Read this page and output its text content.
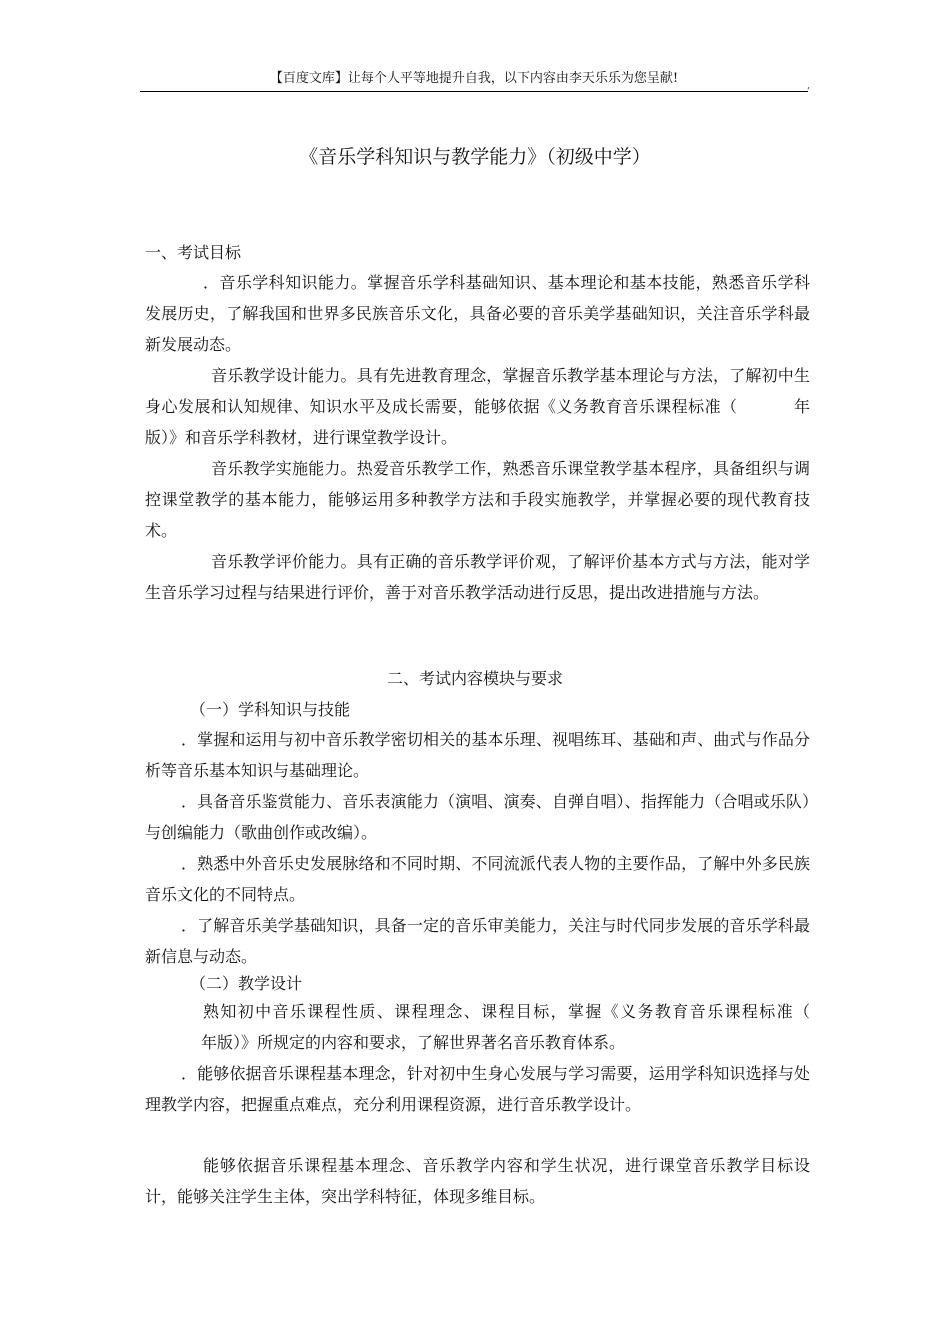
【百度文库】让每个人平等地提升自我，以下内容由李天乐乐为您呈献!	,
《音乐学科知识与教学能力》（初级中学）
一、考试目标
．音乐学科知识能力。掌握音乐学科基础知识、基本理论和基本技能，熟悉音乐学科发展历史，了解我国和世界多民族音乐文化，具备必要的音乐美学基础知识，关注音乐学科最新发展动态。
音乐教学设计能力。具有先进教育理念，掌握音乐教学基本理论与方法，了解初中生身心发展和认知规律、知识水平及成长需要，能够依据《义务教育音乐课程标准（	年版）》和音乐学科教材，进行课堂教学设计。
音乐教学实施能力。热爱音乐教学工作，熟悉音乐课堂教学基本程序，具备组织与调控课堂教学的基本能力，能够运用多种教学方法和手段实施教学，并掌握必要的现代教育技术。
音乐教学评价能力。具有正确的音乐教学评价观，了解评价基本方式与方法，能对学生音乐学习过程与结果进行评价，善于对音乐教学活动进行反思，提出改进措施与方法。
二、考试内容模块与要求
（一）学科知识与技能
．掌握和运用与初中音乐教学密切相关的基本乐理、视唱练耳、基础和声、曲式与作品分析等音乐基本知识与基础理论。
．具备音乐鉴赏能力、音乐表演能力（演唱、演奏、自弹自唱）、指挥能力（合唱或乐队）与创编能力（歌曲创作或改编）。
．熟悉中外音乐史发展脉络和不同时期、不同流派代表人物的主要作品，了解中外多民族音乐文化的不同特点。
．了解音乐美学基础知识，具备一定的音乐审美能力，关注与时代同步发展的音乐学科最新信息与动态。
（二）教学设计
熟知初中音乐课程性质、课程理念、课程目标，掌握《义务教育音乐课程标准（年版）》所规定的内容和要求，了解世界著名音乐教育体系。
．能够依据音乐课程基本理念，针对初中生身心发展与学习需要，运用学科知识选择与处理教学内容，把握重点难点，充分利用课程资源，进行音乐教学设计。
能够依据音乐课程基本理念、音乐教学内容和学生状况，进行课堂音乐教学目标设计，能够关注学生主体，突出学科特征，体现多维目标。
